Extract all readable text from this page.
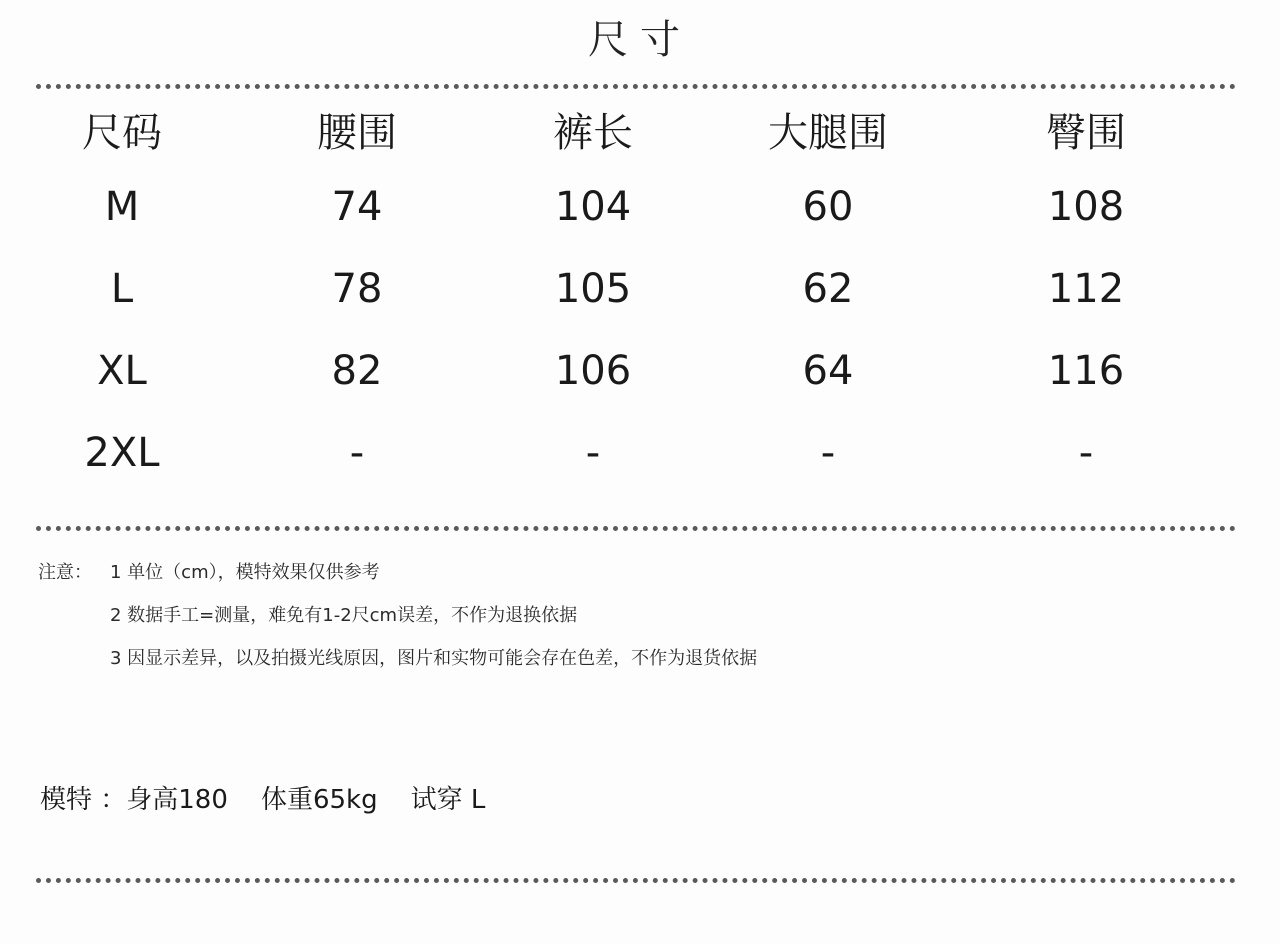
尺寸
尺码	腰围	裤长	大腿围	臀围
M	74	104	60	108
L	78	105	62	112
XL	82	106	64	116
2XL	-	-	-	-
注意： 1 单位（cm），模特效果仅供参考
2 数据手工=测量，难免有1-2尺cm误差，不作为退换依据
3 因显示差异，以及拍摄光线原因，图片和实物可能会存在色差，不作为退货依据
模特 ：身高180    体重65kg    试穿 L
